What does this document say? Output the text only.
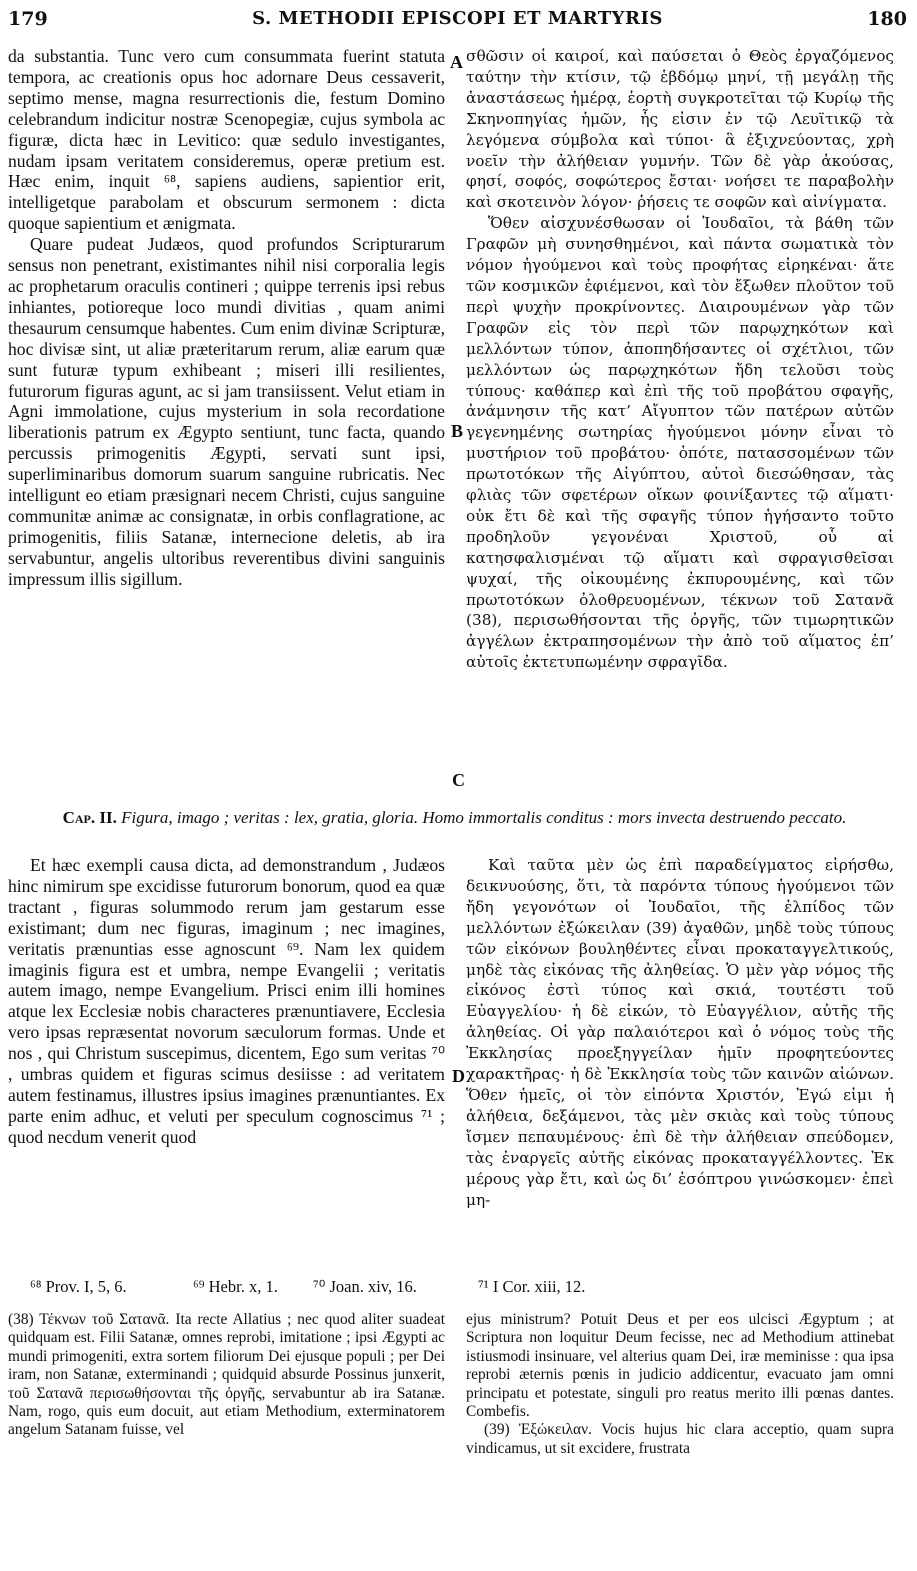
179	S. METHODII EPISCOPI ET MARTYRIS	180

da substantia. Tunc vero cum consummata fuerint statuta tempora, ac creationis opus hoc adornare Deus cessaverit, septimo mense, magna resurrectionis die, festum Domino celebrandum indicitur nostræ Scenopegiæ, cujus symbola ac figuræ, dicta hæc in Levitico: quæ sedulo investigantes, nudam ipsam veritatem consideremus, operæ pretium est. Hæc enim, inquit ⁶⁸, sapiens audiens, sapientior erit, intelligetque parabolam et obscurum sermonem : dicta quoque sapientium et ænigmata.

Quare pudeat Judæos, quod profundos Scripturarum sensus non penetrant, existimantes nihil nisi corporalia legis ac prophetarum oraculis contineri ; quippe terrenis ipsi rebus inhiantes, potioreque loco mundi divitias , quam animi thesaurum censumque habentes. Cum enim divinæ Scripturæ, hoc divisæ sint, ut aliæ præteritarum rerum, aliæ earum quæ sunt futuræ typum exhibeant ; miseri illi resilientes, futurorum figuras agunt, ac si jam transiissent. Velut etiam in Agni immolatione, cujus mysterium in sola recordatione liberationis patrum ex Ægypto sentiunt, tunc facta, quando percussis primogenitis Ægypti, servati sunt ipsi, superliminaribus domorum suarum sanguine rubricatis. Nec intelligunt eo etiam præsignari necem Christi, cujus sanguine communitæ animæ ac consignatæ, in orbis conflagratione, ac primogenitis, filiis Satanæ, internecione deletis, ab ira servabuntur, angelis ultoribus reverentibus divini sanguinis impressum illis sigillum.

σθῶσιν οἱ καιροί, καὶ παύσεται ὁ Θεὸς ἐργαζόμενος ταύτην τὴν κτίσιν, τῷ ἑβδόμῳ μηνί, τῇ μεγάλῃ τῆς ἀναστάσεως ἡμέρᾳ, ἑορτὴ συγκροτεῖται τῷ Κυρίῳ τῆς Σκηνοπηγίας ἡμῶν, ἧς εἰσιν ἐν τῷ Λευϊτικῷ τὰ λεγόμενα σύμβολα καὶ τύποι· ἃ ἐξιχνεύοντας, χρὴ νοεῖν τὴν ἀλήθειαν γυμνήν. Τῶν δὲ γὰρ ἀκούσας, φησί, σοφός, σοφώτερος ἔσται· νοήσει τε παραβολὴν καὶ σκοτεινὸν λόγον· ῥήσεις τε σοφῶν καὶ αἰνίγματα.

Ὅθεν αἰσχυνέσθωσαν οἱ Ἰουδαῖοι, τὰ βάθη τῶν Γραφῶν μὴ συνησθημένοι, καὶ πάντα σωματικὰ τὸν νόμον ἡγούμενοι καὶ τοὺς προφήτας εἰρηκέναι· ἅτε τῶν κοσμικῶν ἐφιέμενοι, καὶ τὸν ἔξωθεν πλοῦτον τοῦ περὶ ψυχὴν προκρίνοντες. Διαιρουμένων γὰρ τῶν Γραφῶν εἰς τὸν περὶ τῶν παρῳχηκότων καὶ μελλόντων τύπον, ἀποπηδήσαντες οἱ σχέτλιοι, τῶν μελλόντων ὡς παρῳχηκότων ἤδη τελοῦσι τοὺς τύπους· καθάπερ καὶ ἐπὶ τῆς τοῦ προβάτου σφαγῆς, ἀνάμνησιν τῆς κατ’ Αἴγυπτον τῶν πατέρων αὐτῶν γεγενημένης σωτηρίας ἡγούμενοι μόνην εἶναι τὸ μυστήριον τοῦ προβάτου· ὁπότε, πατασσομένων τῶν πρωτοτόκων τῆς Αἰγύπτου, αὐτοὶ διεσώθησαν, τὰς φλιὰς τῶν σφετέρων οἴκων φοινίξαντες τῷ αἵματι· οὐκ ἔτι δὲ καὶ τῆς σφαγῆς τύπον ἡγήσαντο τοῦτο προδηλοῦν γεγονέναι Χριστοῦ, οὗ αἱ κατησφαλισμέναι τῷ αἵματι καὶ σφραγισθεῖσαι ψυχαί, τῆς οἰκουμένης ἐκπυρουμένης, καὶ τῶν πρωτοτόκων ὀλοθρευομένων, τέκνων τοῦ Σατανᾶ (38), περισωθήσονται τῆς ὀργῆς, τῶν τιμωρητικῶν ἀγγέλων ἐκτραπησομένων τὴν ἀπὸ τοῦ αἵματος ἐπ’ αὐτοῖς ἐκτετυπωμένην σφραγῖδα.

A
B
C
D
Cap. II. Figura, imago ; veritas : lex, gratia, gloria. Homo immortalis conditus : mors invecta destruendo peccato.

Et hæc exempli causa dicta, ad demonstrandum , Judæos hinc nimirum spe excidisse futurorum bonorum, quod ea quæ tractant , figuras solummodo rerum jam gestarum esse existimant; dum nec figuras, imaginum ; nec imagines, veritatis prænuntias esse agnoscunt ⁶⁹. Nam lex quidem imaginis figura est et umbra, nempe Evangelii ; veritatis autem imago, nempe Evangelium. Prisci enim illi homines atque lex Ecclesiæ nobis characteres prænuntiavere, Ecclesia vero ipsas repræsentat novorum sæculorum formas. Unde et nos , qui Christum suscepimus, dicentem, Ego sum veritas ⁷⁰ , umbras quidem et figuras scimus desiisse : ad veritatem autem festinamus, illustres ipsius imagines prænuntiantes. Ex parte enim adhuc, et veluti per speculum cognoscimus ⁷¹ ; quod necdum venerit quod

Καὶ ταῦτα μὲν ὡς ἐπὶ παραδείγματος εἰρήσθω, δεικνυούσης, ὅτι, τὰ παρόντα τύπους ἡγούμενοι τῶν ἤδη γεγονότων οἱ Ἰουδαῖοι, τῆς ἐλπίδος τῶν μελλόντων ἐξώκειλαν (39) ἀγαθῶν, μηδὲ τοὺς τύπους τῶν εἰκόνων βουληθέντες εἶναι προκαταγγελτικούς, μηδὲ τὰς εἰκόνας τῆς ἀληθείας. Ὁ μὲν γὰρ νόμος τῆς εἰκόνος ἐστὶ τύπος καὶ σκιά, τουτέστι τοῦ Εὐαγγελίου· ἡ δὲ εἰκών, τὸ Εὐαγγέλιον, αὐτῆς τῆς ἀληθείας. Οἱ γὰρ παλαιότεροι καὶ ὁ νόμος τοὺς τῆς Ἐκκλησίας προεξηγγείλαν ἡμῖν προφητεύοντες χαρακτῆρας· ἡ δὲ Ἐκκλησία τοὺς τῶν καινῶν αἰώνων. Ὅθεν ἡμεῖς, οἱ τὸν εἰπόντα Χριστόν, Ἐγώ εἰμι ἡ ἀλήθεια, δεξάμενοι, τὰς μὲν σκιὰς καὶ τοὺς τύπους ἴσμεν πεπαυμένους· ἐπὶ δὲ τὴν ἀλήθειαν σπεύδομεν, τὰς ἐναργεῖς αὐτῆς εἰκόνας προκαταγγέλλοντες. Ἐκ μέρους γὰρ ἔτι, καὶ ὡς δι’ ἐσόπτρου γινώσκομεν· ἐπεὶ μη-

⁶⁸ Prov. I, 5, 6.	⁶⁹ Hebr. x, 1. ⁷⁰ Joan. xiv, 16.	⁷¹ I Cor. xiii, 12.

(38) Τέκνων τοῦ Σατανᾶ. Ita recte Allatius ; nec quod aliter suadeat quidquam est. Filii Satanæ, omnes reprobi, imitatione ; ipsi Ægypti ac mundi primogeniti, extra sortem filiorum Dei ejusque populi ; per Dei iram, non Satanæ, exterminandi ; quidquid absurde Possinus junxerit, τοῦ Σατανᾶ περισωθήσονται τῆς ὀργῆς, servabuntur ab ira Satanæ. Nam, rogo, quis eum docuit, aut etiam Methodium, exterminatorem angelum Satanam fuisse, vel

ejus ministrum? Potuit Deus et per eos ulcisci Ægyptum ; at Scriptura non loquitur Deum fecisse, nec ad Methodium attinebat istiusmodi insinuare, vel alterius quam Dei, iræ meminisse : qua ipsa reprobi æternis pœnis in judicio addicentur, evacuato jam omni principatu et potestate, singuli pro reatus merito illi pœnas dantes. Combefis.

(39) Ἐξώκειλαν. Vocis hujus hic clara acceptio, quam supra vindicamus, ut sit excidere, frustrata
